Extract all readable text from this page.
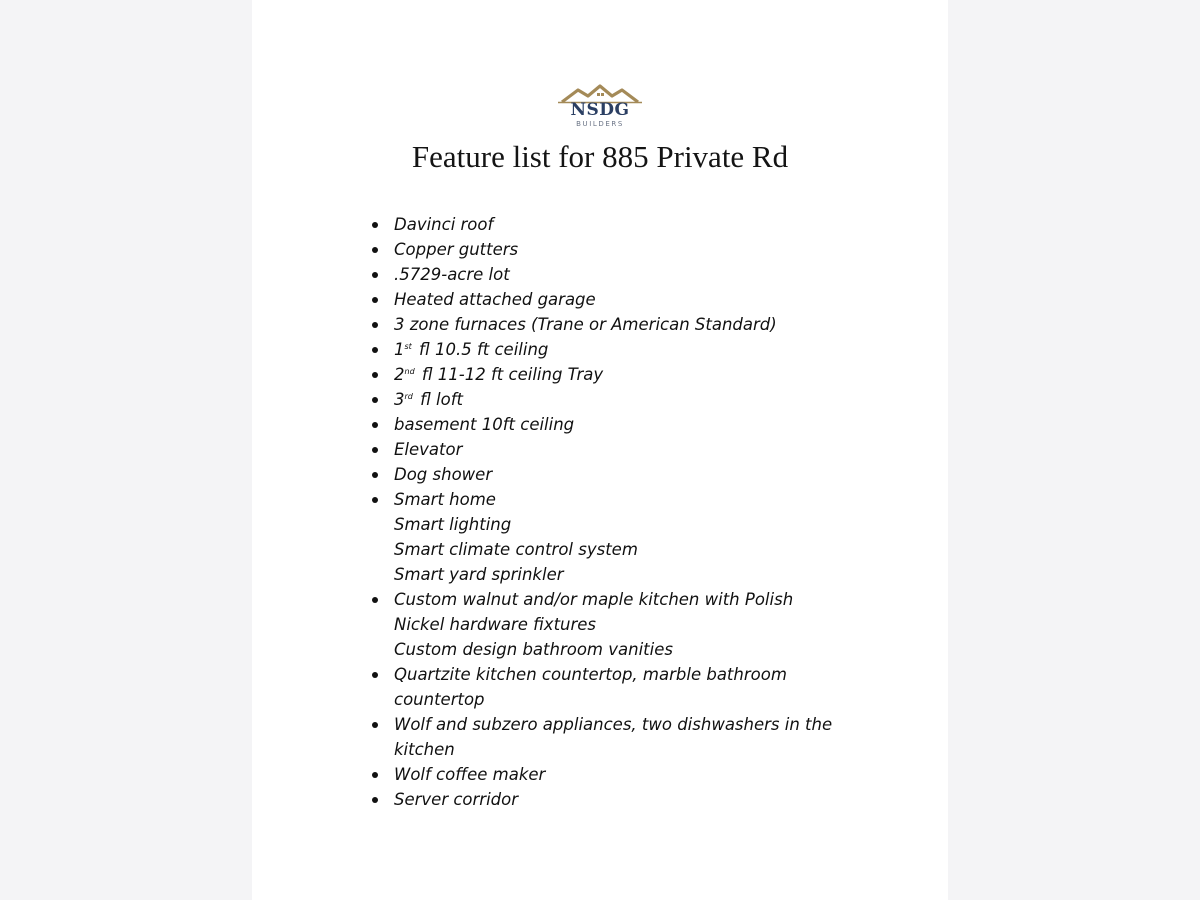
NSDG
BUILDERS
Feature list for 885 Private Rd
Davinci roof
Copper gutters
.5729-acre lot
Heated attached garage
3 zone furnaces (Trane or American Standard)
1st fl 10.5 ft ceiling
2nd fl 11-12 ft ceiling Tray
3rd fl loft
basement 10ft ceiling
Elevator
Dog shower
Smart home
Smart lighting
Smart climate control system
Smart yard sprinkler
Custom walnut and/or maple kitchen with Polish
Nickel hardware fixtures
Custom design bathroom vanities
Quartzite kitchen countertop, marble bathroom countertop
Wolf and subzero appliances, two dishwashers in the kitchen
Wolf coffee maker
Server corridor
